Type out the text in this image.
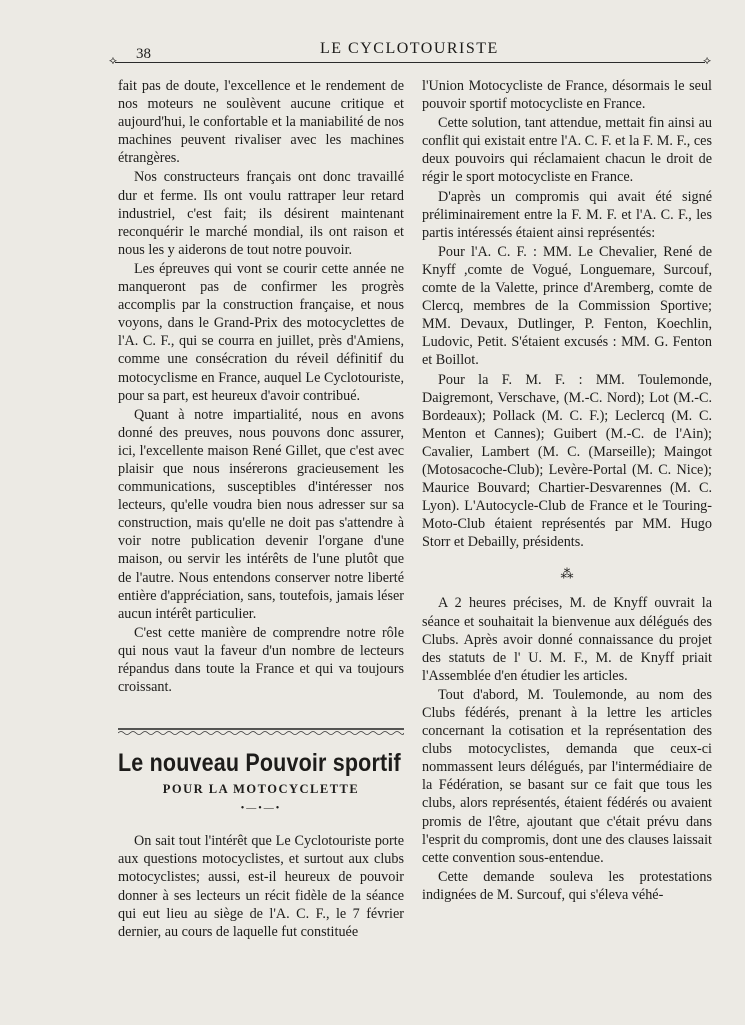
38	LE CYCLOTOURISTE
⟡ ⟡

fait pas de doute, l'excellence et le rendement de nos moteurs ne soulèvent aucune critique et aujourd'hui, le confortable et la maniabilité de nos machines peuvent rivaliser avec les machines étrangères.

Nos constructeurs français ont donc travaillé dur et ferme. Ils ont voulu rattraper leur retard industriel, c'est fait; ils désirent maintenant reconquérir le marché mondial, ils ont raison et nous les y aiderons de tout notre pouvoir.

Les épreuves qui vont se courir cette année ne manqueront pas de confirmer les progrès accomplis par la construction française, et nous voyons, dans le Grand-Prix des motocyclettes de l'A. C. F., qui se courra en juillet, près d'Amiens, comme une consécration du réveil définitif du motocyclisme en France, auquel Le Cyclotouriste, pour sa part, est heureux d'avoir contribué.

Quant à notre impartialité, nous en avons donné des preuves, nous pouvons donc assurer, ici, l'excellente maison René Gillet, que c'est avec plaisir que nous insérerons gracieusement les communications, susceptibles d'intéresser nos lecteurs, qu'elle voudra bien nous adresser sur sa construction, mais qu'elle ne doit pas s'attendre à voir notre publication devenir l'organe d'une maison, ou servir les intérêts de l'une plutôt que de l'autre. Nous entendons conserver notre liberté entière d'appréciation, sans, toutefois, jamais léser aucun intérêt particulier.

C'est cette manière de comprendre notre rôle qui nous vaut la faveur d'un nombre de lecteurs répandus dans toute la France et qui va toujours croissant.

Le nouveau Pouvoir sportif
POUR LA MOTOCYCLETTE
•—•—•

On sait tout l'intérêt que Le Cyclotouriste porte aux questions motocyclistes, et surtout aux clubs motocyclistes; aussi, est-il heureux de pouvoir donner à ses lecteurs un récit fidèle de la séance qui eut lieu au siège de l'A. C. F., le 7 février dernier, au cours de laquelle fut constituée

l'Union Motocycliste de France, désormais le seul pouvoir sportif motocycliste en France.

Cette solution, tant attendue, mettait fin ainsi au conflit qui existait entre l'A. C. F. et la F. M. F., ces deux pouvoirs qui réclamaient chacun le droit de régir le sport motocycliste en France.

D'après un compromis qui avait été signé préliminairement entre la F. M. F. et l'A. C. F., les partis intéressés étaient ainsi représentés:

Pour l'A. C. F. : MM. Le Chevalier, René de Knyff ,comte de Vogué, Longuemare, Surcouf, comte de la Valette, prince d'Aremberg, comte de Clercq, membres de la Commission Sportive; MM. Devaux, Dutlinger, P. Fenton, Koechlin, Ludovic, Petit. S'étaient excusés : MM. G. Fenton et Boillot.

Pour la F. M. F. : MM. Toulemonde, Daigremont, Verschave, (M.-C. Nord); Lot (M.-C. Bordeaux); Pollack (M. C. F.); Leclercq (M. C. Menton et Cannes); Guibert (M.-C. de l'Ain); Cavalier, Lambert (M. C. (Marseille); Maingot (Motosacoche-Club); Levère-Portal (M. C. Nice); Maurice Bouvard; Chartier-Desvarennes (M. C. Lyon). L'Autocycle-Club de France et le Touring-Moto-Club étaient représentés par MM. Hugo Storr et Debailly, présidents.

⁂

A 2 heures précises, M. de Knyff ouvrait la séance et souhaitait la bienvenue aux délégués des Clubs. Après avoir donné connaissance du projet des statuts de l' U. M. F., M. de Knyff priait l'Assemblée d'en étudier les articles.

Tout d'abord, M. Toulemonde, au nom des Clubs fédérés, prenant à la lettre les articles concernant la cotisation et la représentation des clubs motocyclistes, demanda que ceux-ci nommassent leurs délégués, par l'intermédiaire de la Fédération, se basant sur ce fait que tous les clubs, alors représentés, étaient fédérés ou avaient promis de l'être, ajoutant que c'était prévu dans l'esprit du compromis, dont une des clauses laissait cette convention sous-entendue.

Cette demande souleva les protestations indignées de M. Surcouf, qui s'éleva véhé-
